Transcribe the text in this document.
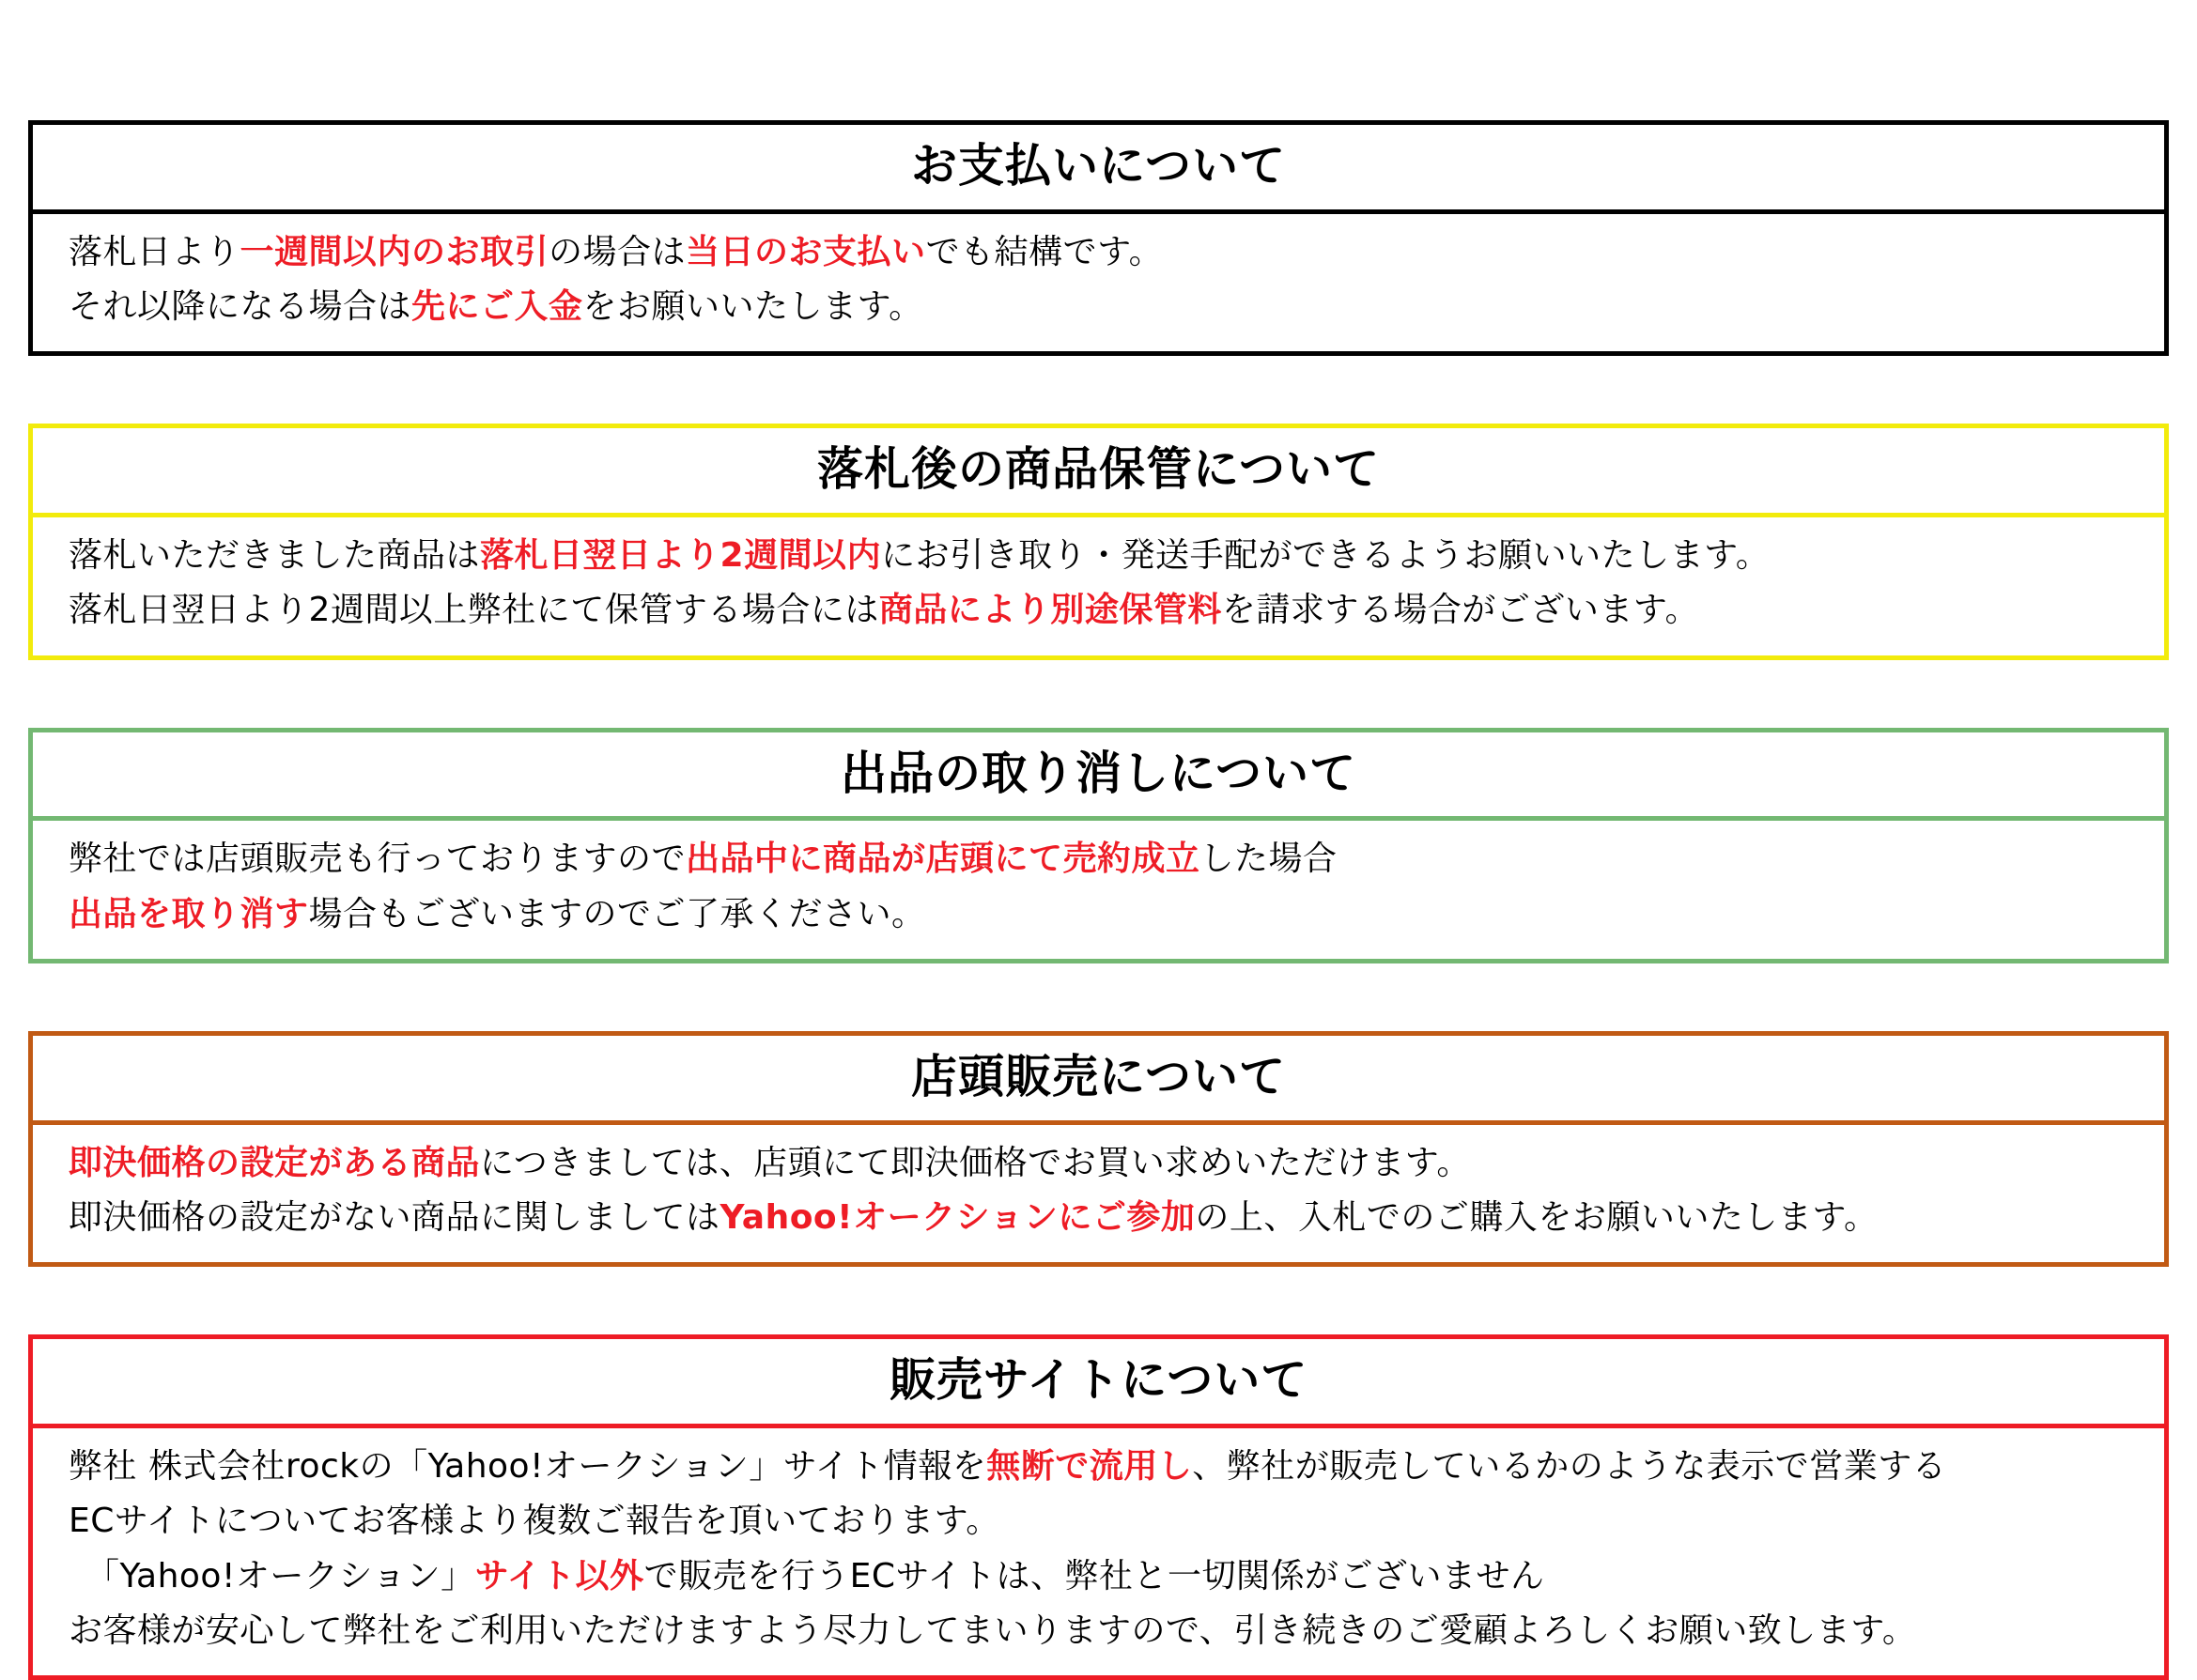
お支払いについて
落札日より一週間以内のお取引の場合は当日のお支払いでも結構です。
それ以降になる場合は先にご入金をお願いいたします。
落札後の商品保管について
落札いただきました商品は落札日翌日より2週間以内にお引き取り・発送手配ができるようお願いいたします。
落札日翌日より2週間以上弊社にて保管する場合には商品により別途保管料を請求する場合がございます。
出品の取り消しについて
弊社では店頭販売も行っておりますので出品中に商品が店頭にて売約成立した場合
出品を取り消す場合もございますのでご了承ください。
店頭販売について
即決価格の設定がある商品につきましては、店頭にて即決価格でお買い求めいただけます。
即決価格の設定がない商品に関しましてはYahoo!オークションにご参加の上、入札でのご購入をお願いいたします。
販売サイトについて
弊社 株式会社rockの「Yahoo!オークション」サイト情報を無断で流用し、弊社が販売しているかのような表示で営業する
ECサイトについてお客様より複数ご報告を頂いております。
「Yahoo!オークション」サイト以外で販売を行うECサイトは、弊社と一切関係がございません
お客様が安心して弊社をご利用いただけますよう尽力してまいりますので、引き続きのご愛顧よろしくお願い致します。
